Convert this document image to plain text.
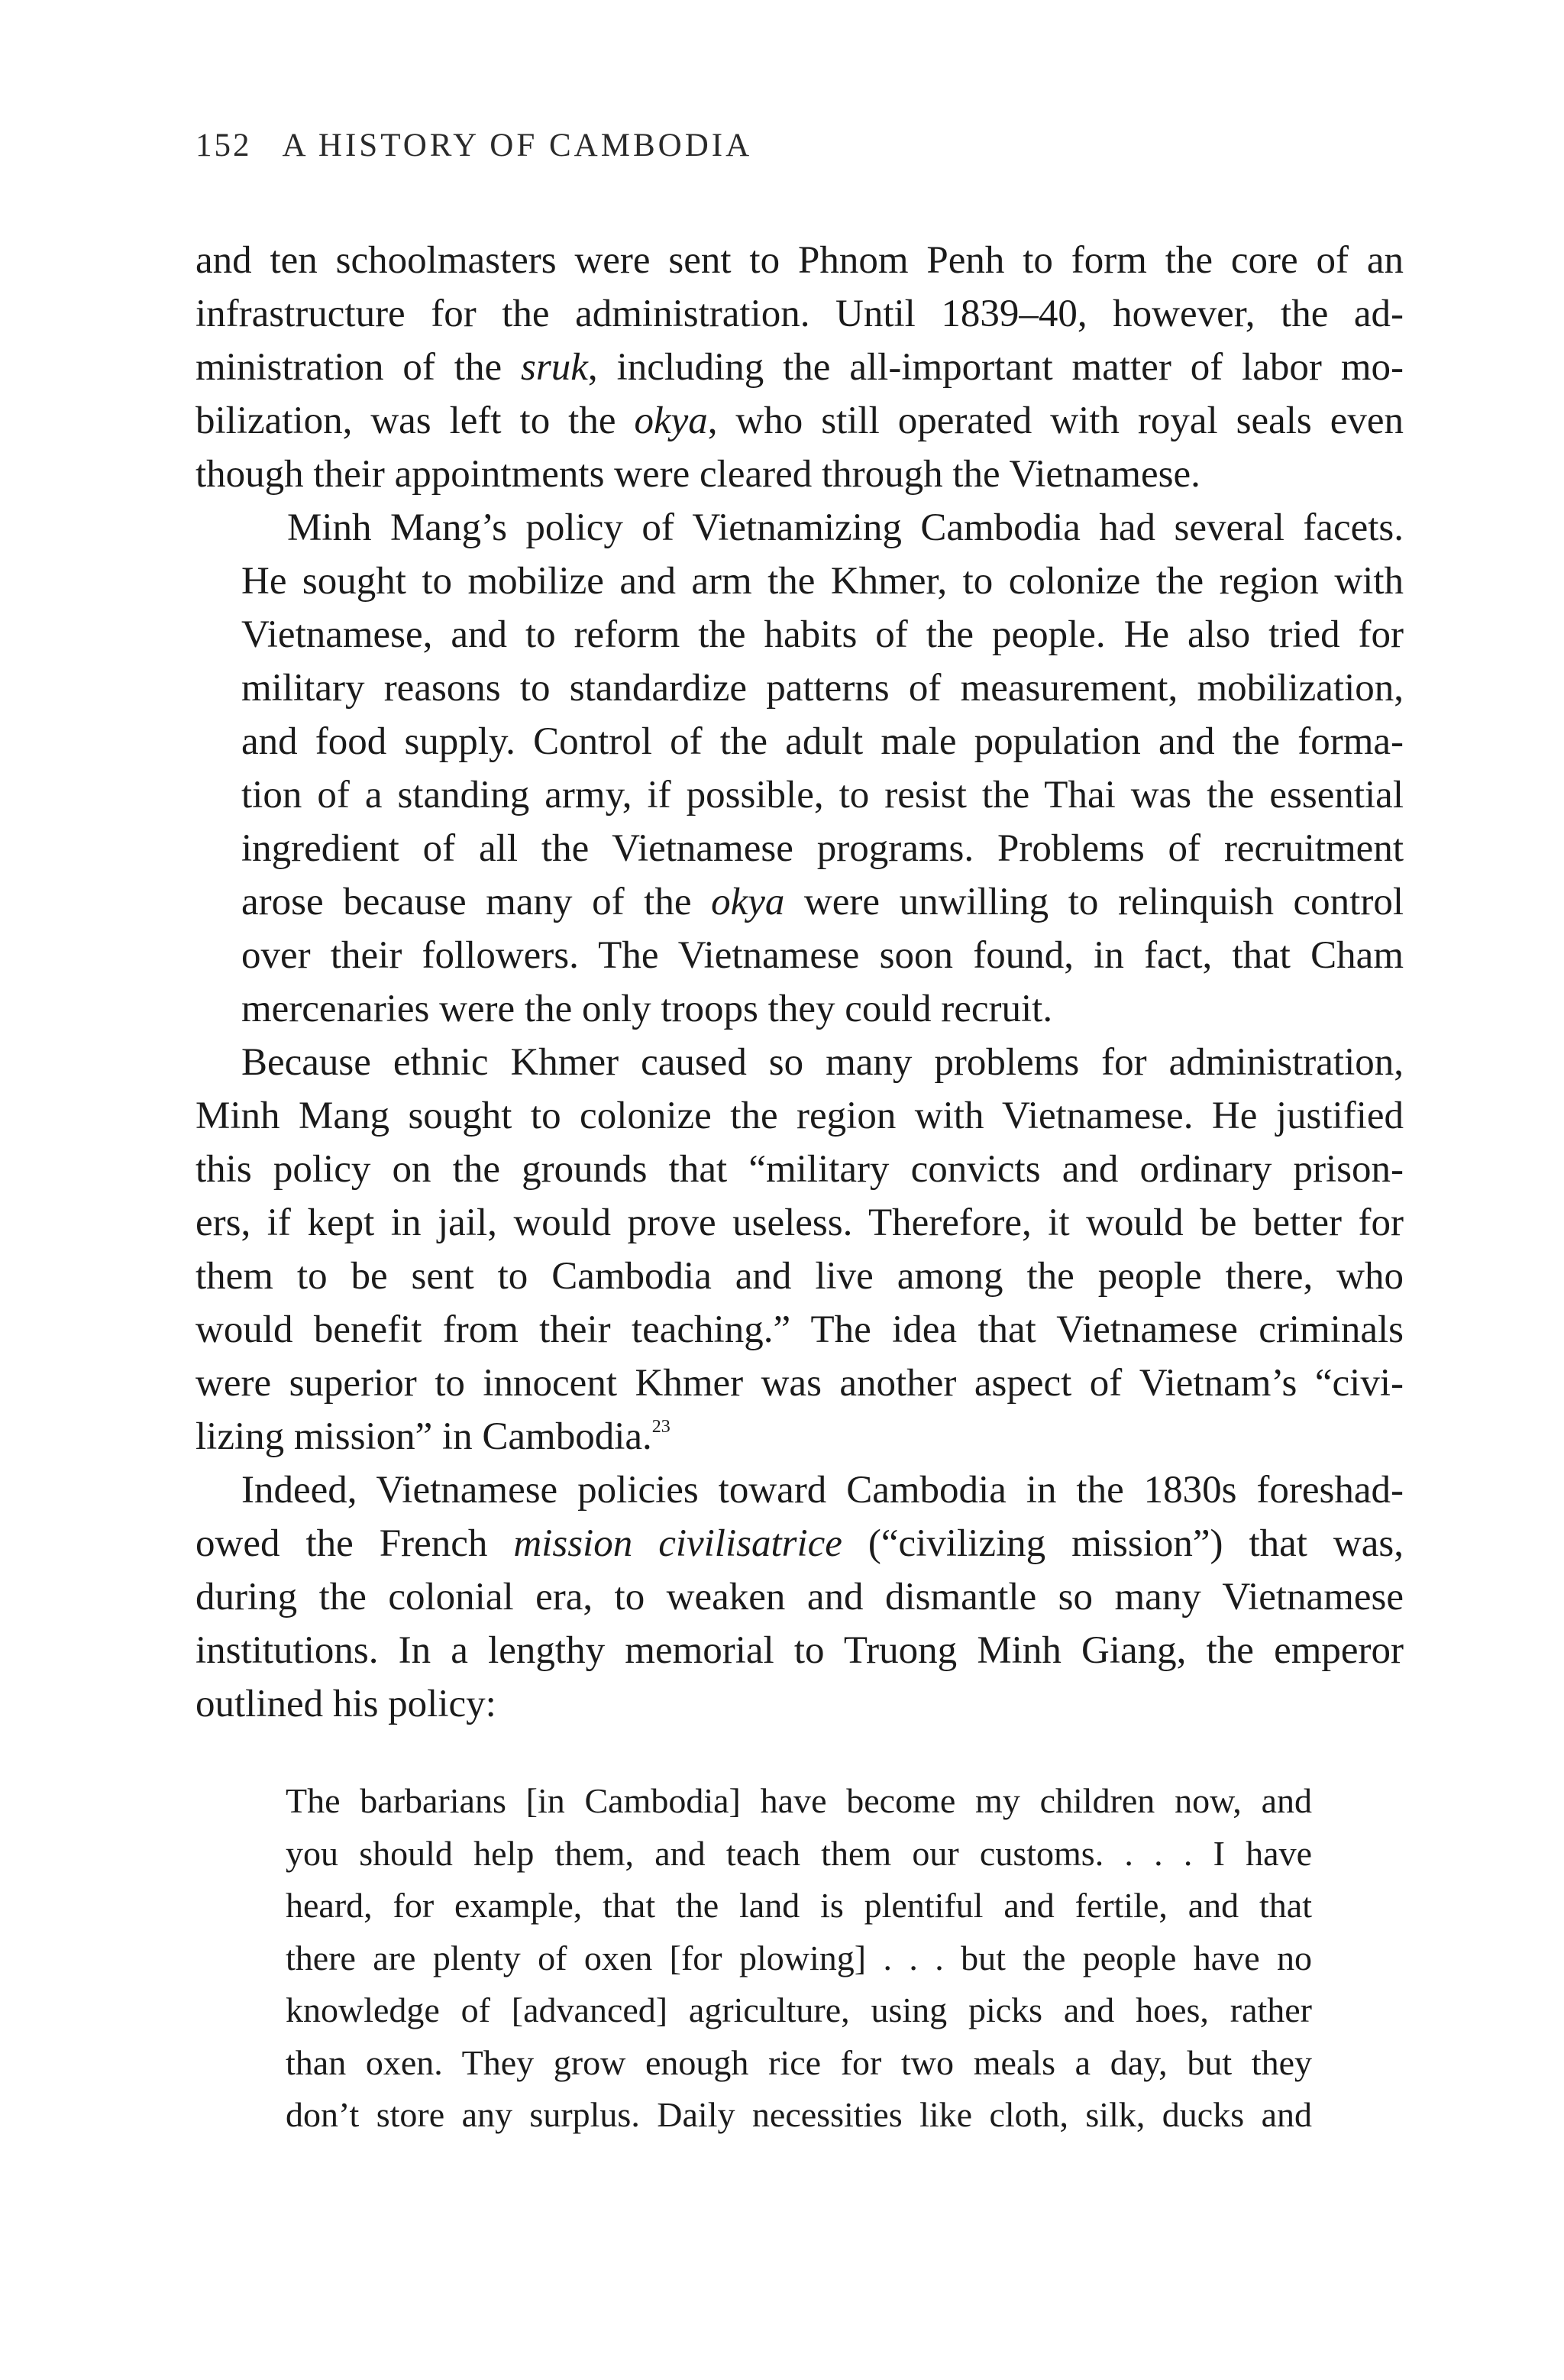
152 A HISTORY OF CAMBODIA

and ten schoolmasters were sent to Phnom Penh to form the core of an
infrastructure for the administration. Until 1839–40, however, the ad-
ministration of the sruk, including the all-important matter of labor mo-
bilization, was left to the okya, who still operated with royal seals even
though their appointments were cleared through the Vietnamese.

Minh Mang’s policy of Vietnamizing Cambodia had several facets.
He sought to mobilize and arm the Khmer, to colonize the region with
Vietnamese, and to reform the habits of the people. He also tried for
military reasons to standardize patterns of measurement, mobilization,
and food supply. Control of the adult male population and the forma-
tion of a standing army, if possible, to resist the Thai was the essential
ingredient of all the Vietnamese programs. Problems of recruitment
arose because many of the okya were unwilling to relinquish control
over their followers. The Vietnamese soon found, in fact, that Cham
mercenaries were the only troops they could recruit.

Because ethnic Khmer caused so many problems for administration,
Minh Mang sought to colonize the region with Vietnamese. He justified
this policy on the grounds that “military convicts and ordinary prison-
ers, if kept in jail, would prove useless. Therefore, it would be better for
them to be sent to Cambodia and live among the people there, who
would benefit from their teaching.” The idea that Vietnamese criminals
were superior to innocent Khmer was another aspect of Vietnam’s “civi-
lizing mission” in Cambodia.$^{23}$

Indeed, Vietnamese policies toward Cambodia in the 1830s foreshad-
owed the French mission civilisatrice (“civilizing mission”) that was,
during the colonial era, to weaken and dismantle so many Vietnamese
institutions. In a lengthy memorial to Truong Minh Giang, the emperor
outlined his policy:

The barbarians [in Cambodia] have become my children now, and
you should help them, and teach them our customs. . . . I have
heard, for example, that the land is plentiful and fertile, and that
there are plenty of oxen [for plowing] . . . but the people have no
knowledge of [advanced] agriculture, using picks and hoes, rather
than oxen. They grow enough rice for two meals a day, but they
don’t store any surplus. Daily necessities like cloth, silk, ducks and
